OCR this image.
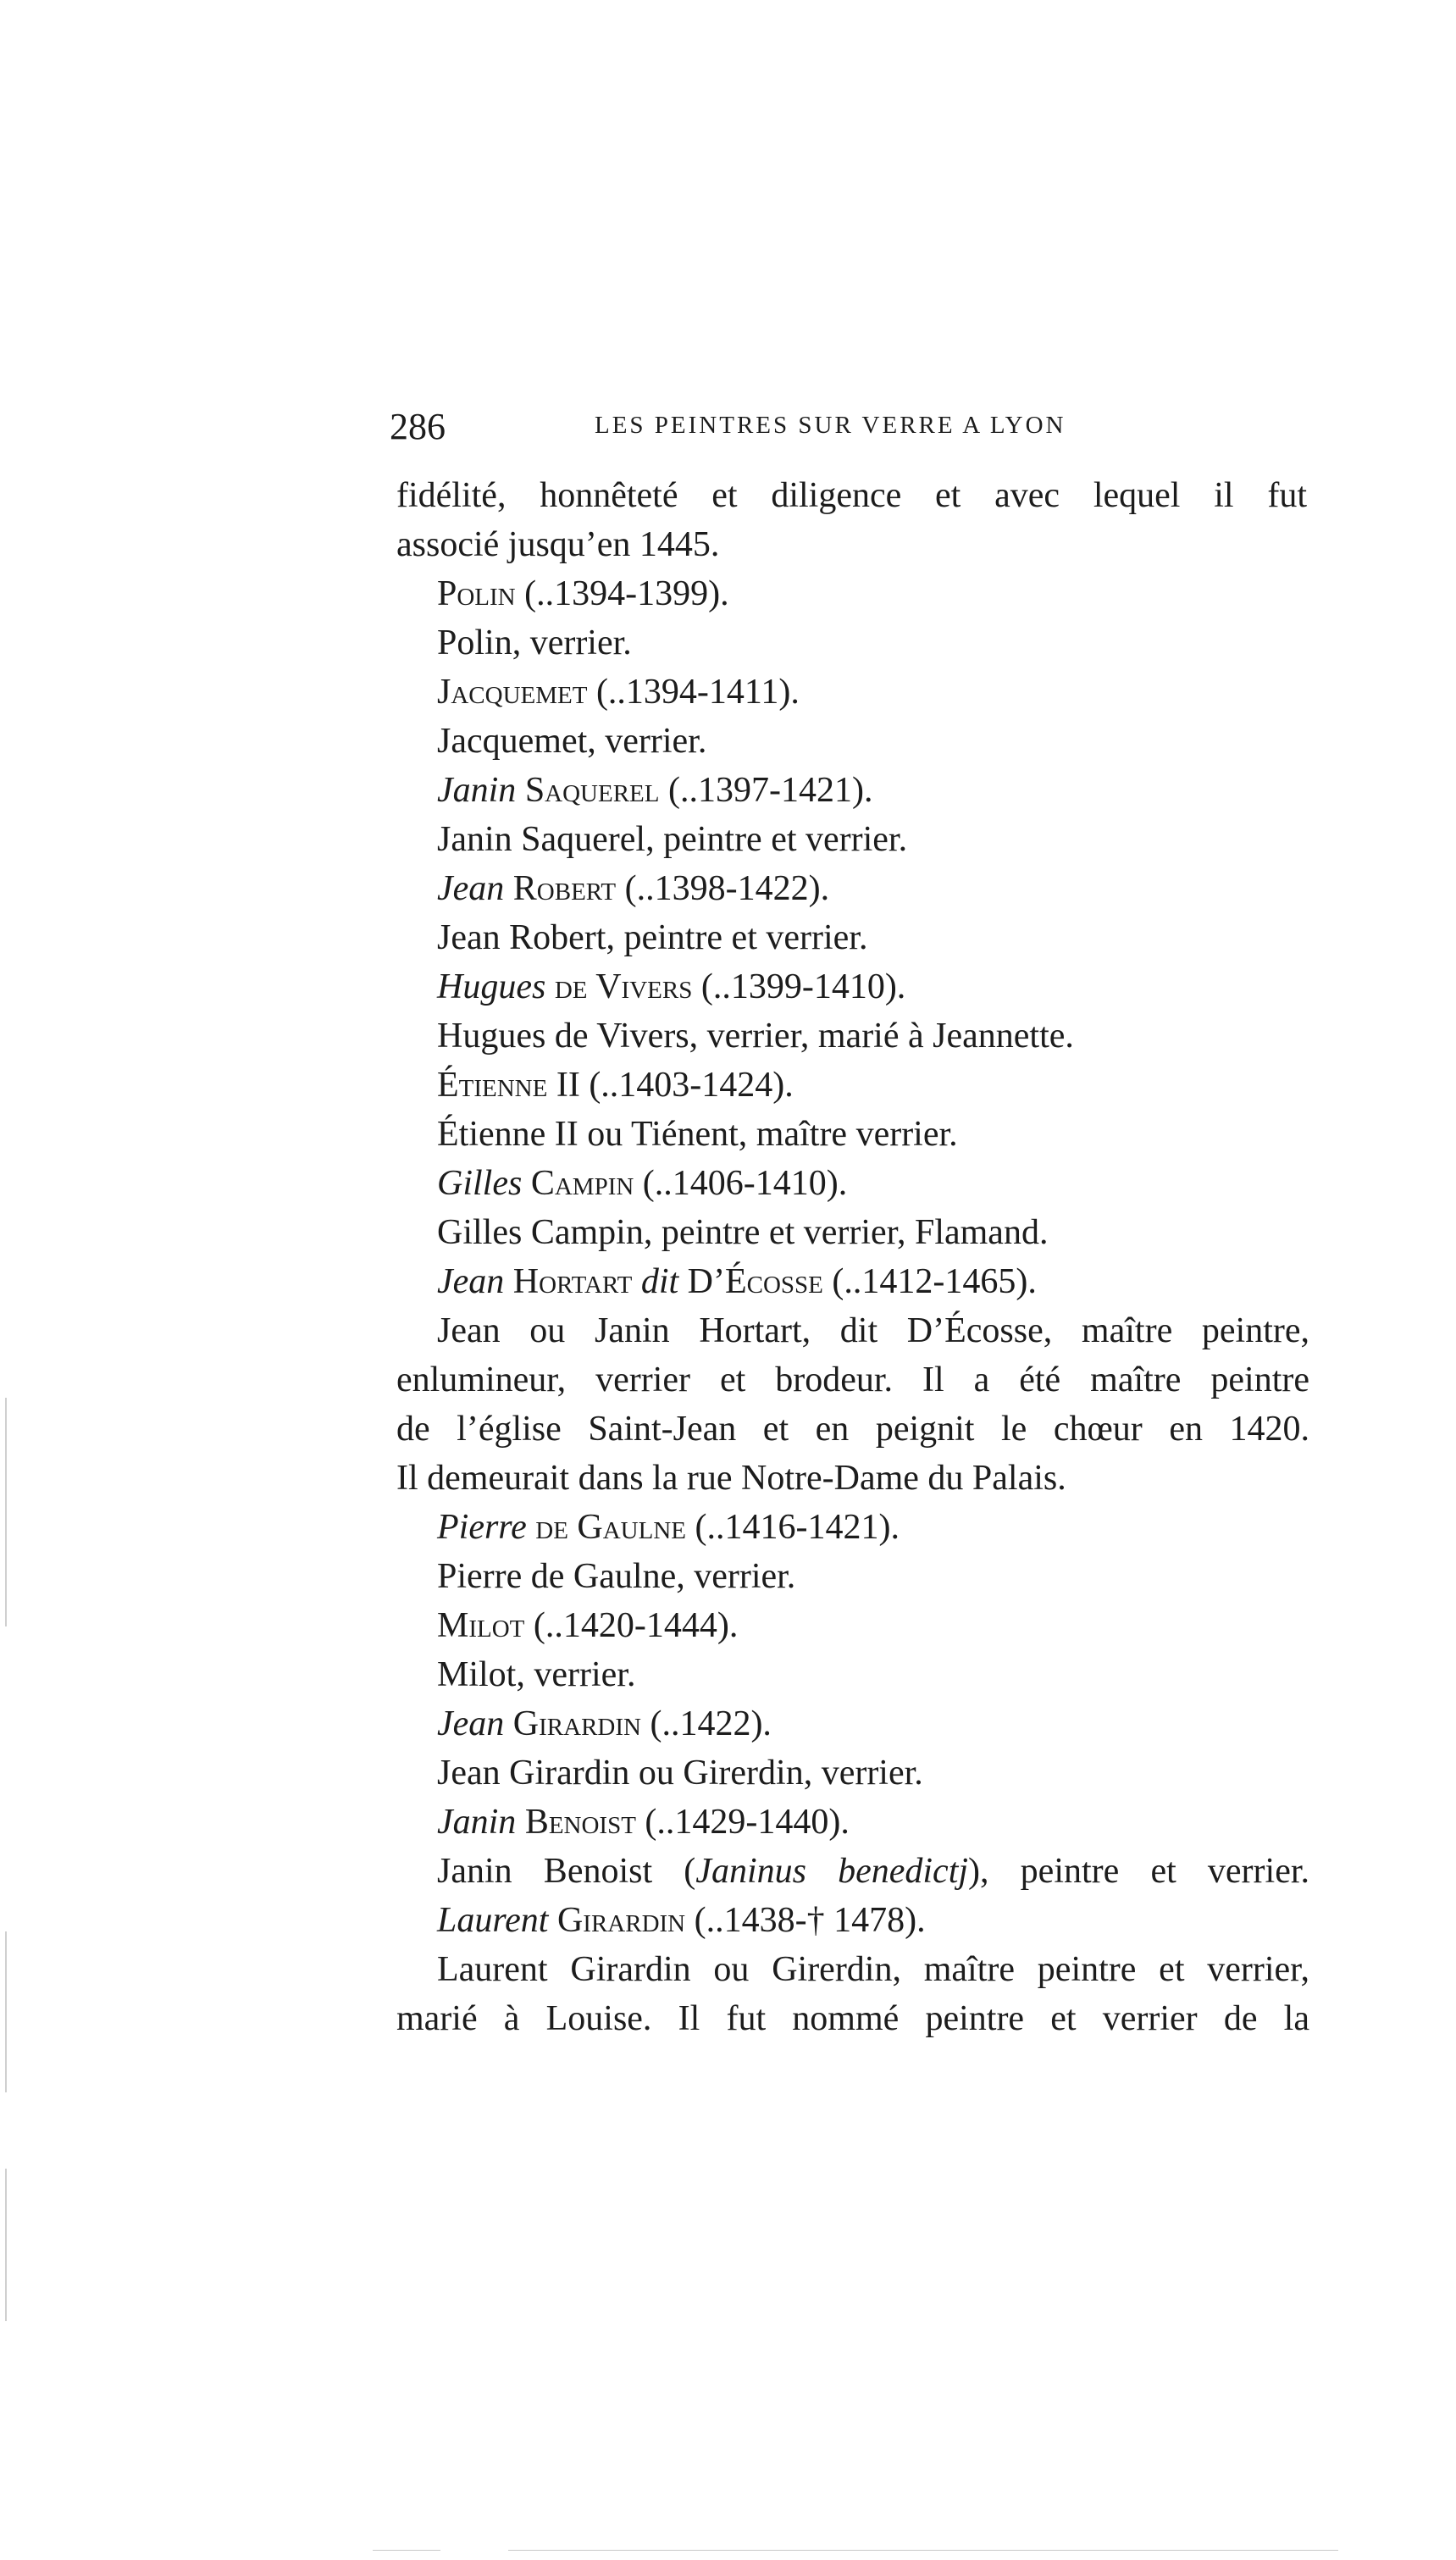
286	LES PEINTRES SUR VERRE A LYON
fidélité, honnêteté et diligence et avec lequel il fut
associé jusqu’en 1445.
Polin (..1394-1399).
Polin, verrier.
Jacquemet (..1394-1411).
Jacquemet, verrier.
Janin Saquerel (..1397-1421).
Janin Saquerel, peintre et verrier.
Jean Robert (..1398-1422).
Jean Robert, peintre et verrier.
Hugues de Vivers (..1399-1410).
Hugues de Vivers, verrier, marié à Jeannette.
Étienne II (..1403-1424).
Étienne II ou Tiénent, maître verrier.
Gilles Campin (..1406-1410).
Gilles Campin, peintre et verrier, Flamand.
Jean Hortart dit D’Écosse (..1412-1465).
Jean ou Janin Hortart, dit D’Écosse, maître peintre,
enlumineur, verrier et brodeur. Il a été maître peintre
de l’église Saint-Jean et en peignit le chœur en 1420.
Il demeurait dans la rue Notre-Dame du Palais.
Pierre de Gaulne (..1416-1421).
Pierre de Gaulne, verrier.
Milot (..1420-1444).
Milot, verrier.
Jean Girardin (..1422).
Jean Girardin ou Girerdin, verrier.
Janin Benoist (..1429-1440).
Janin Benoist (Janinus benedictj), peintre et verrier.
Laurent Girardin (..1438-† 1478).
Laurent Girardin ou Girerdin, maître peintre et verrier,
marié à Louise. Il fut nommé peintre et verrier de la
